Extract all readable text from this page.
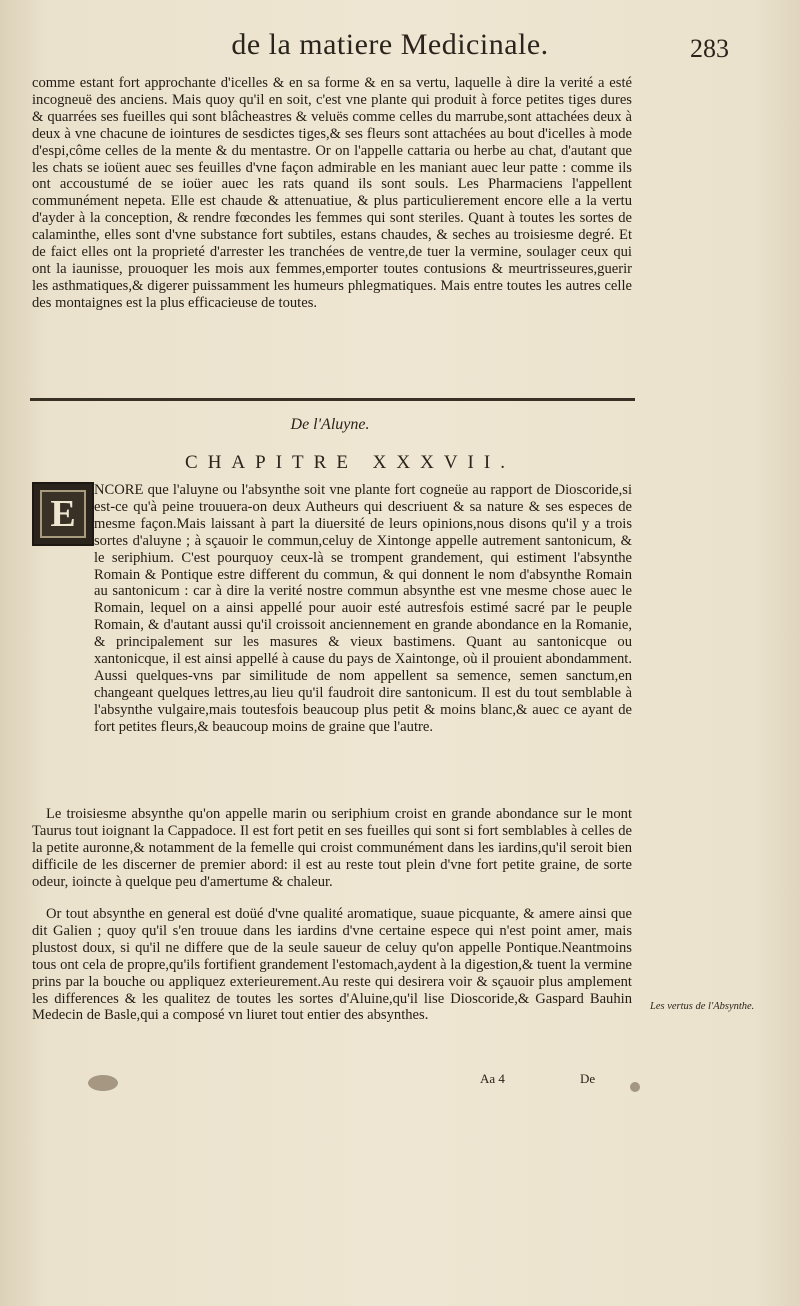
de la matiere Medicinale.	283

comme estant fort approchante d'icelles & en sa forme & en sa vertu, laquelle à dire la verité a esté incogneuë des anciens. Mais quoy qu'il en soit, c'est vne plante qui produit à force petites tiges dures & quarrées ses fueilles qui sont blâcheastres & veluës comme celles du marrube,sont attachées deux à deux à vne chacune de iointures de sesdictes tiges,& ses fleurs sont attachées au bout d'icelles à mode d'espi,côme celles de la mente & du mentastre. Or on l'appelle cattaria ou herbe au chat, d'autant que les chats se ioüent auec ses feuilles d'vne façon admirable en les maniant auec leur patte : comme ils ont accoustumé de se ioüer auec les rats quand ils sont souls. Les Pharmaciens l'appellent communément nepeta. Elle est chaude & attenuatiue, & plus particulierement encore elle a la vertu d'ayder à la conception, & rendre fœcondes les femmes qui sont steriles. Quant à toutes les sortes de calaminthe, elles sont d'vne substance fort subtiles, estans chaudes, & seches au troisiesme degré. Et de faict elles ont la proprieté d'arrester les tranchées de ventre,de tuer la vermine, soulager ceux qui ont la iaunisse, prouoquer les mois aux femmes,emporter toutes contusions & meurtrisseures,guerir les asthmatiques,& digerer puissamment les humeurs phlegmatiques. Mais entre toutes les autres celle des montaignes est la plus efficacieuse de toutes.

De l'Aluyne.
CHAPITRE XXXVII.
E

NCORE que l'aluyne ou l'absynthe soit vne plante fort cogneüe au rapport de Dioscoride,si est-ce qu'à peine trouuera-on deux Autheurs qui descriuent & sa nature & ses especes de mesme façon.Mais laissant à part la diuersité de leurs opinions,nous disons qu'il y a trois sortes d'aluyne ; à sçauoir le commun,celuy de Xintonge appelle autrement santonicum, & le seriphium. C'est pourquoy ceux-là se trompent grandement, qui estiment l'absynthe Romain & Pontique estre different du commun, & qui donnent le nom d'absynthe Romain au santonicum : car à dire la verité nostre commun absynthe est vne mesme chose auec le Romain, lequel on a ainsi appellé pour auoir esté autresfois estimé sacré par le peuple Romain, & d'autant aussi qu'il croissoit anciennement en grande abondance en la Romanie, & principalement sur les masures & vieux bastimens. Quant au santonicque ou xantonicque, il est ainsi appellé à cause du pays de Xaintonge, où il prouient abondamment. Aussi quelques-vns par similitude de nom appellent sa semence, semen sanctum,en changeant quelques lettres,au lieu qu'il faudroit dire santonicum. Il est du tout semblable à l'absynthe vulgaire,mais toutesfois beaucoup plus petit & moins blanc,& auec ce ayant de fort petites fleurs,& beaucoup moins de graine que l'autre.

Le troisiesme absynthe qu'on appelle marin ou seriphium croist en grande abondance sur le mont Taurus tout ioignant la Cappadoce. Il est fort petit en ses fueilles qui sont si fort semblables à celles de la petite auronne,& notamment de la femelle qui croist communément dans les iardins,qu'il seroit bien difficile de les discerner de premier abord: il est au reste tout plein d'vne fort petite graine, de sorte odeur, ioincte à quelque peu d'amertume & chaleur.

Or tout absynthe en general est doüé d'vne qualité aromatique, suaue picquante, & amere ainsi que dit Galien ; quoy qu'il s'en trouue dans les iardins d'vne certaine espece qui n'est point amer, mais plustost doux, si qu'il ne differe que de la seule saueur de celuy qu'on appelle Pontique.Neantmoins tous ont cela de propre,qu'ils fortifient grandement l'estomach,aydent à la digestion,& tuent la vermine prins par la bouche ou appliquez exterieurement.Au reste qui desirera voir & sçauoir plus amplement les differences & les qualitez de toutes les sortes d'Aluine,qu'il lise Dioscoride,& Gaspard Bauhin Medecin de Basle,qui a composé vn liuret tout entier des absynthes.

Les vertus de l'Absynthe.
Aa 4	De
